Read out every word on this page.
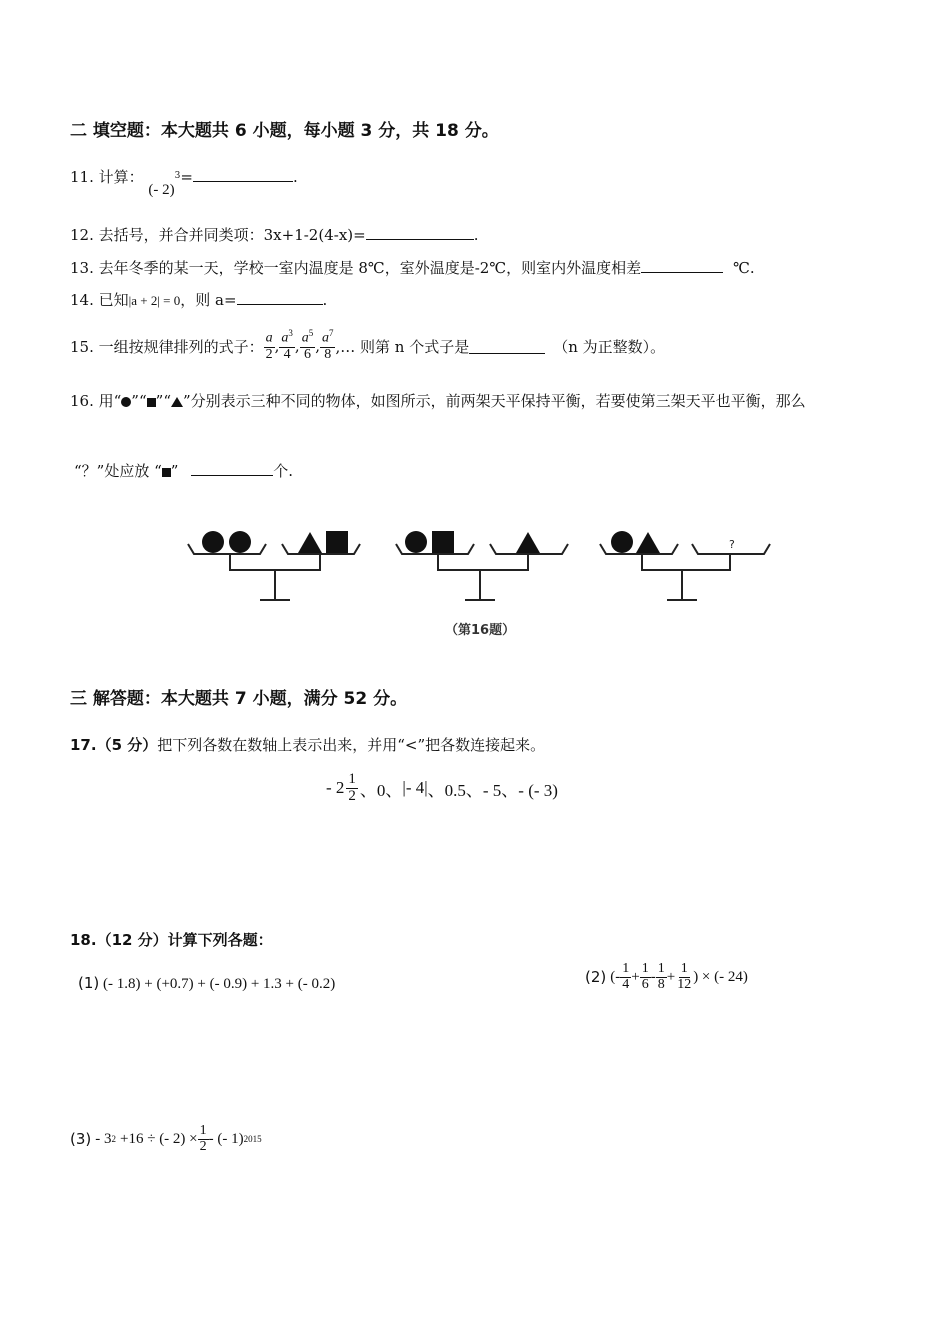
二 填空题：本大题共 6 小题，每小题 3 分，共 18 分。
11. 计算： (- 2)$^3$=	.
12. 去括号，并合并同类项：3x+1-2(4-x)=	.
13. 去年冬季的某一天，学校一室内温度是 8℃，室外温度是-2℃，则室内外温度相差	℃.
14. 已知|a + 2| = 0，则 a=	.
15. 一组按规律排列的式子： $\frac{a}{2}$ , $\frac{a^3}{4}$ , $\frac{a^5}{6}$ , $\frac{a^7}{8}$ ,… 则第 n 个式子是	（n 为正整数）。
16. 用“ ”“ ”“ ”分别表示三种不同的物体，如图所示，前两架天平保持平衡，若要使第三架天平也平衡，那么
“？”处应放 “ ”	个.
?
（第16题）
三 解答题：本大题共 7 小题，满分 52 分。
17.（5 分）把下列各数在数轴上表示出来，并用“<”把各数连接起来。
- $2 \frac{1}{2}$ 、0、 |- 4| 、0.5、- 5、- (- 3)
18.（12 分）计算下列各题：
(1) (- 1.8) + (+0.7) + (- 0.9) + 1.3 + (- 0.2)	(2) (- $\frac{1}{4} + \frac{1}{6} - \frac{1}{8} + \frac{1}{12}$ ) × (- 24)
(3) - 3 2 +16 ÷ (- $2) \times \frac{1}{2}$ - (- 1) 2015
